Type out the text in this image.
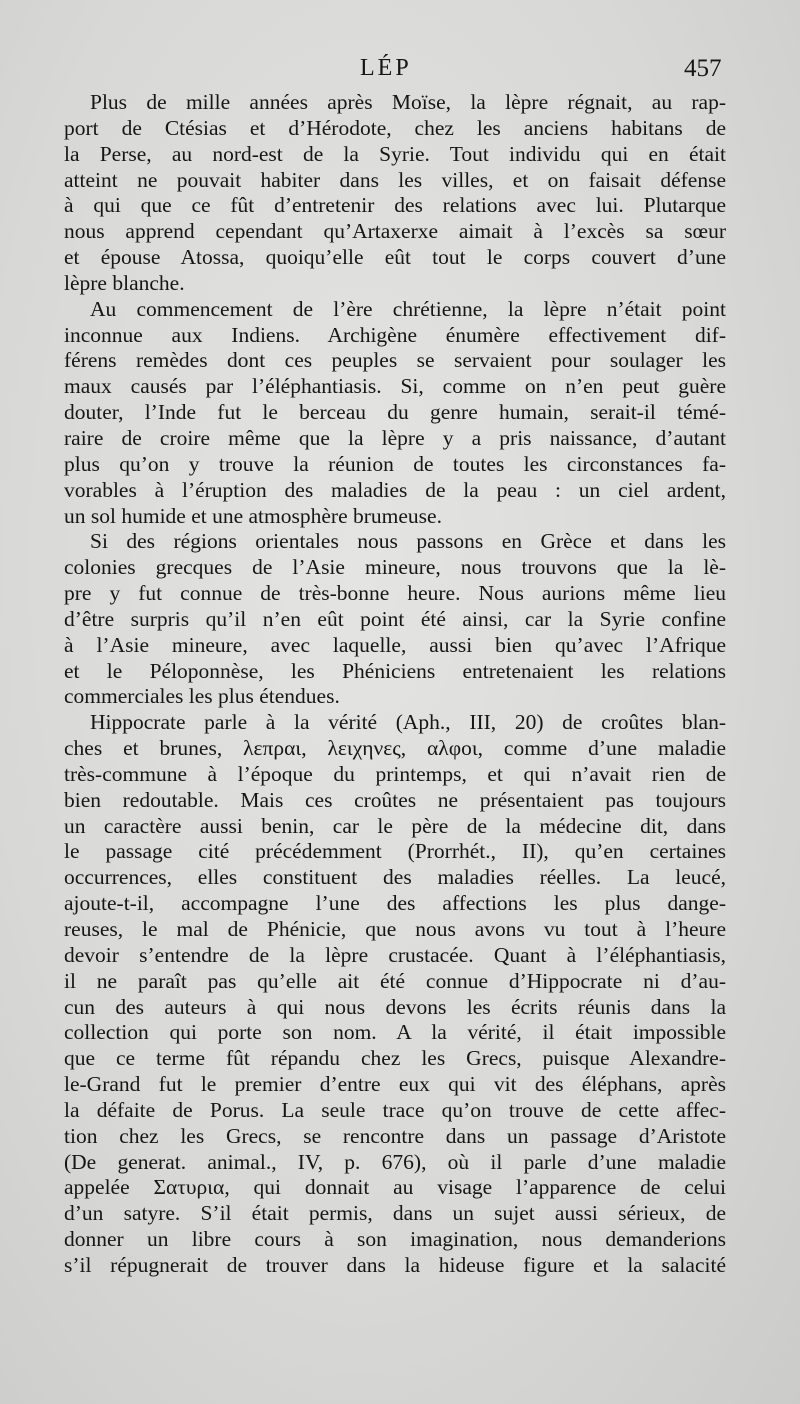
LÉP	457
Plus de mille années après Moïse, la lèpre régnait, au rap-
port de Ctésias et d’Hérodote, chez les anciens habitans de
la Perse, au nord-est de la Syrie. Tout individu qui en était
atteint ne pouvait habiter dans les villes, et on faisait défense
à qui que ce fût d’entretenir des relations avec lui. Plutarque
nous apprend cependant qu’Artaxerxe aimait à l’excès sa sœur
et épouse Atossa, quoiqu’elle eût tout le corps couvert d’une
lèpre blanche.
Au commencement de l’ère chrétienne, la lèpre n’était point
inconnue aux Indiens. Archigène énumère effectivement dif-
férens remèdes dont ces peuples se servaient pour soulager les
maux causés par l’éléphantiasis. Si, comme on n’en peut guère
douter, l’Inde fut le berceau du genre humain, serait-il témé-
raire de croire même que la lèpre y a pris naissance, d’autant
plus qu’on y trouve la réunion de toutes les circonstances fa-
vorables à l’éruption des maladies de la peau : un ciel ardent,
un sol humide et une atmosphère brumeuse.
Si des régions orientales nous passons en Grèce et dans les
colonies grecques de l’Asie mineure, nous trouvons que la lè-
pre y fut connue de très-bonne heure. Nous aurions même lieu
d’être surpris qu’il n’en eût point été ainsi, car la Syrie confine
à l’Asie mineure, avec laquelle, aussi bien qu’avec l’Afrique
et le Péloponnèse, les Phéniciens entretenaient les relations
commerciales les plus étendues.
Hippocrate parle à la vérité (Aph., III, 20) de croûtes blan-
ches et brunes, λεπραι, λειχηνες, αλφοι, comme d’une maladie
très-commune à l’époque du printemps, et qui n’avait rien de
bien redoutable. Mais ces croûtes ne présentaient pas toujours
un caractère aussi benin, car le père de la médecine dit, dans
le passage cité précédemment (Prorrhét., II), qu’en certaines
occurrences, elles constituent des maladies réelles. La leucé,
ajoute-t-il, accompagne l’une des affections les plus dange-
reuses, le mal de Phénicie, que nous avons vu tout à l’heure
devoir s’entendre de la lèpre crustacée. Quant à l’éléphantiasis,
il ne paraît pas qu’elle ait été connue d’Hippocrate ni d’au-
cun des auteurs à qui nous devons les écrits réunis dans la
collection qui porte son nom. A la vérité, il était impossible
que ce terme fût répandu chez les Grecs, puisque Alexandre-
le-Grand fut le premier d’entre eux qui vit des éléphans, après
la défaite de Porus. La seule trace qu’on trouve de cette affec-
tion chez les Grecs, se rencontre dans un passage d’Aristote
(De generat. animal., IV, p. 676), où il parle d’une maladie
appelée Σατυρια, qui donnait au visage l’apparence de celui
d’un satyre. S’il était permis, dans un sujet aussi sérieux, de
donner un libre cours à son imagination, nous demanderions
s’il répugnerait de trouver dans la hideuse figure et la salacité
